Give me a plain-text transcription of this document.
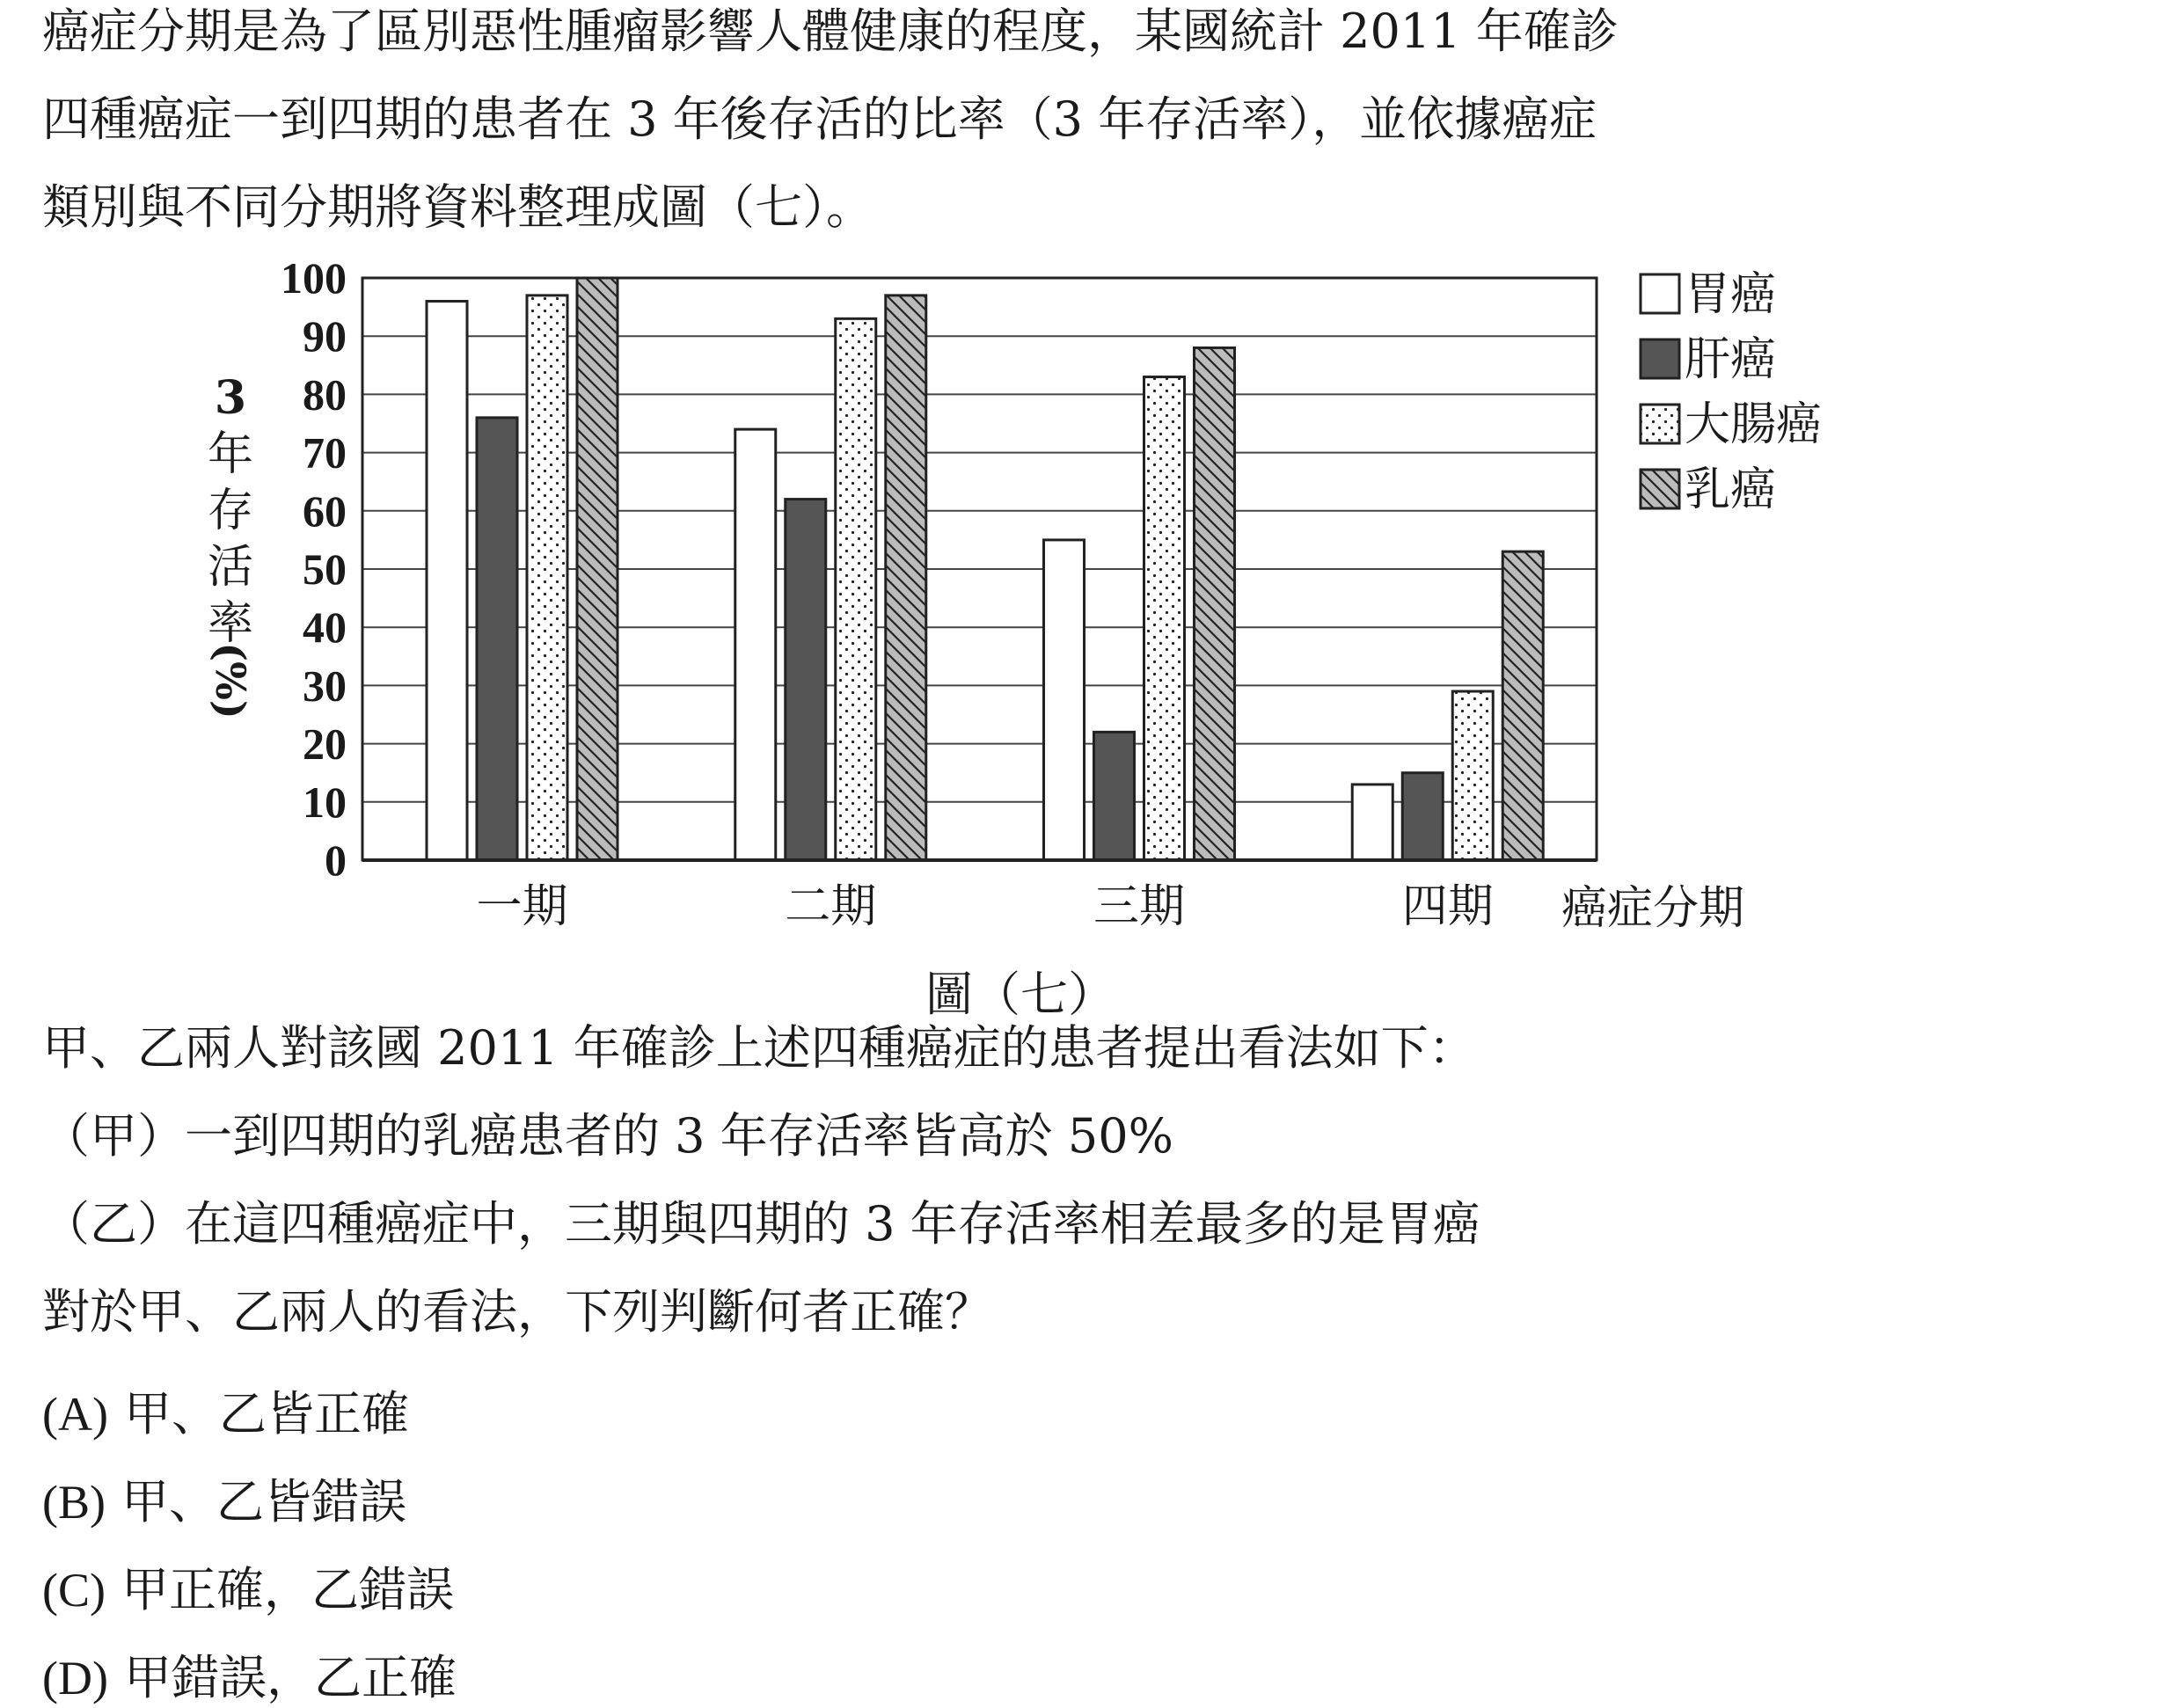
癌症分期是為了區別惡性腫瘤影響人體健康的程度，某國統計 2011 年確診
四種癌症一到四期的患者在 3 年後存活的比率（3 年存活率），並依據癌症
類別與不同分期將資料整理成圖（七）。
0
10
20
30
40
50
60
70
80
90
100
一期	二期	三期	四期
胃癌
肝癌
大腸癌
乳癌
3
年
存
活
率
(%)
癌症分期
圖（七）
甲、乙兩人對該國 2011 年確診上述四種癌症的患者提出看法如下：
（甲）一到四期的乳癌患者的 3 年存活率皆高於 50%
（乙）在這四種癌症中，三期與四期的 3 年存活率相差最多的是胃癌
對於甲、乙兩人的看法，下列判斷何者正確？
(A) 甲、乙皆正確
(B) 甲、乙皆錯誤
(C) 甲正確，乙錯誤
(D) 甲錯誤，乙正確
